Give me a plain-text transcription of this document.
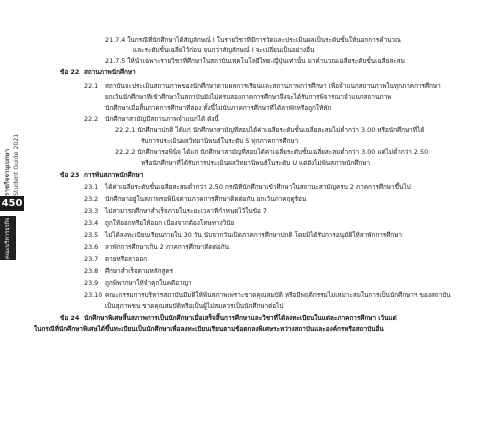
ราชกิจจานุเบกษา Student Guide 2021
450
คณะบริหารธุรกิจ
21.7.4 ในกรณีที่นักศึกษาได้สัญลักษณ์ I ในรายวิชาที่มีการวัดและประเมินผลเป็นระดับขั้นให้นอกการคำนวณ
และระดับขั้นเฉลี่ยไว้ก่อน จนกว่าสัญลักษณ์ I จะเปลี่ยนเป็นอย่างอื่น
21.7.5 ให้นำเฉพาะรายวิชาที่ศึกษาในสถาบันเทคโนโลยีไทย-ญี่ปุ่นเท่านั้น มาคำนวณเฉลี่ยระดับขั้นเฉลี่ยสะสม
ข้อ 22 สถานภาพนักศึกษา
22.1 สถาบันจะประเมินสถานภาพของนักศึกษาตามผลการเรียนและสถานภาพการศึกษา เพื่อจำแนกสถานภาพในทุกภาคการศึกษา
ยกเว้นนักศึกษาที่เข้าศึกษาในสถาบันยังไม่ครบสองภาคการศึกษาจึงจะได้รับการพิจารณาจำแนกสถานภาพ
นักศึกษาเมื่อสิ้นภาคการศึกษาที่สอง ทั้งนี้ไม่นับภาคการศึกษาที่ได้ลาพักหรือถูกให้พัก
22.2 นักศึกษาสามัญมีสถานภาพจำแนกได้ ดังนี้
22.2.1 นักศึกษาปกติ ได้แก่ นักศึกษาสามัญที่สอบได้ค่าเฉลี่ยระดับขั้นเฉลี่ยสะสมไม่ต่ำกว่า 3.00 หรือนักศึกษาที่ได้
รับการประเมินผลวิทยานิพนธ์ในระดับ S ทุกภาคการศึกษา
22.2.2 นักศึกษารอพินิจ ได้แก่ นักศึกษาสามัญที่สอบได้ค่าเฉลี่ยระดับขั้นเฉลี่ยสะสมต่ำกว่า 3.00 แต่ไม่ต่ำกว่า 2.50
หรือนักศึกษาที่ได้รับการประเมินผลวิทยานิพนธ์ในระดับ U แต่ยังไม่พ้นสภาพนักศึกษา
ข้อ 23 การพ้นสภาพนักศึกษา
23.1 ได้ค่าเฉลี่ยระดับขั้นเฉลี่ยสะสมต่ำกว่า 2.50 กรณีที่นักศึกษาเข้าศึกษาในสถานะสามัญครบ 2 ภาคการศึกษาขึ้นไป
23.2 นักศึกษาอยู่ในสภาพรอพินิจตามภาคการศึกษาติดต่อกัน ยกเว้นภาคฤดูร้อน
23.3 ไม่สามารถศึกษาสำเร็จภายในระยะเวลาที่กำหนดไว้ในข้อ 7
23.4 ถูกให้ออกหรือให้ออก เนื่องจากต้องโทษทางวินัย
23.5 ไม่ได้ลงทะเบียนเรียนภายใน 30 วัน นับจากวันเปิดภาคการศึกษาปกติ โดยมิได้รับการอนุมัติให้ลาพักการศึกษา
23.6 ลาพักการศึกษาเกิน 2 ภาคการศึกษาติดต่อกัน
23.7 ตายหรือลาออก
23.8 ศึกษาสำเร็จตามหลักสูตร
23.9 ถูกพิพากษาให้จำคุกในคดีอาญา
23.10 คณะกรรมการบริหารสถาบันมีมติให้พ้นสภาพเพราะขาดคุณสมบัติ หรือมีพฤติกรรมไม่เหมาะสมในการเป็นนักศึกษาฯ ของสถาบัน
เป็นสุภาพชน ขาดคุณสมบัติหรือเป็นผู้ไม่สมควรเป็นนักศึกษาต่อไป
ข้อ 24 นักศึกษาพิเศษสิ้นสภาพการเป็นนักศึกษาเมื่อเสร็จสิ้นการศึกษาและวิชาที่ได้ลงทะเบียนในแต่ละภาคการศึกษา เว้นแต่
ในกรณีที่นักศึกษาพิเศษได้ขึ้นทะเบียนเป็นนักศึกษาเพื่อลงทะเบียนเรียนตามข้อตกลงพิเศษระหว่างสถาบันและองค์กรหรือสถาบันอื่น
